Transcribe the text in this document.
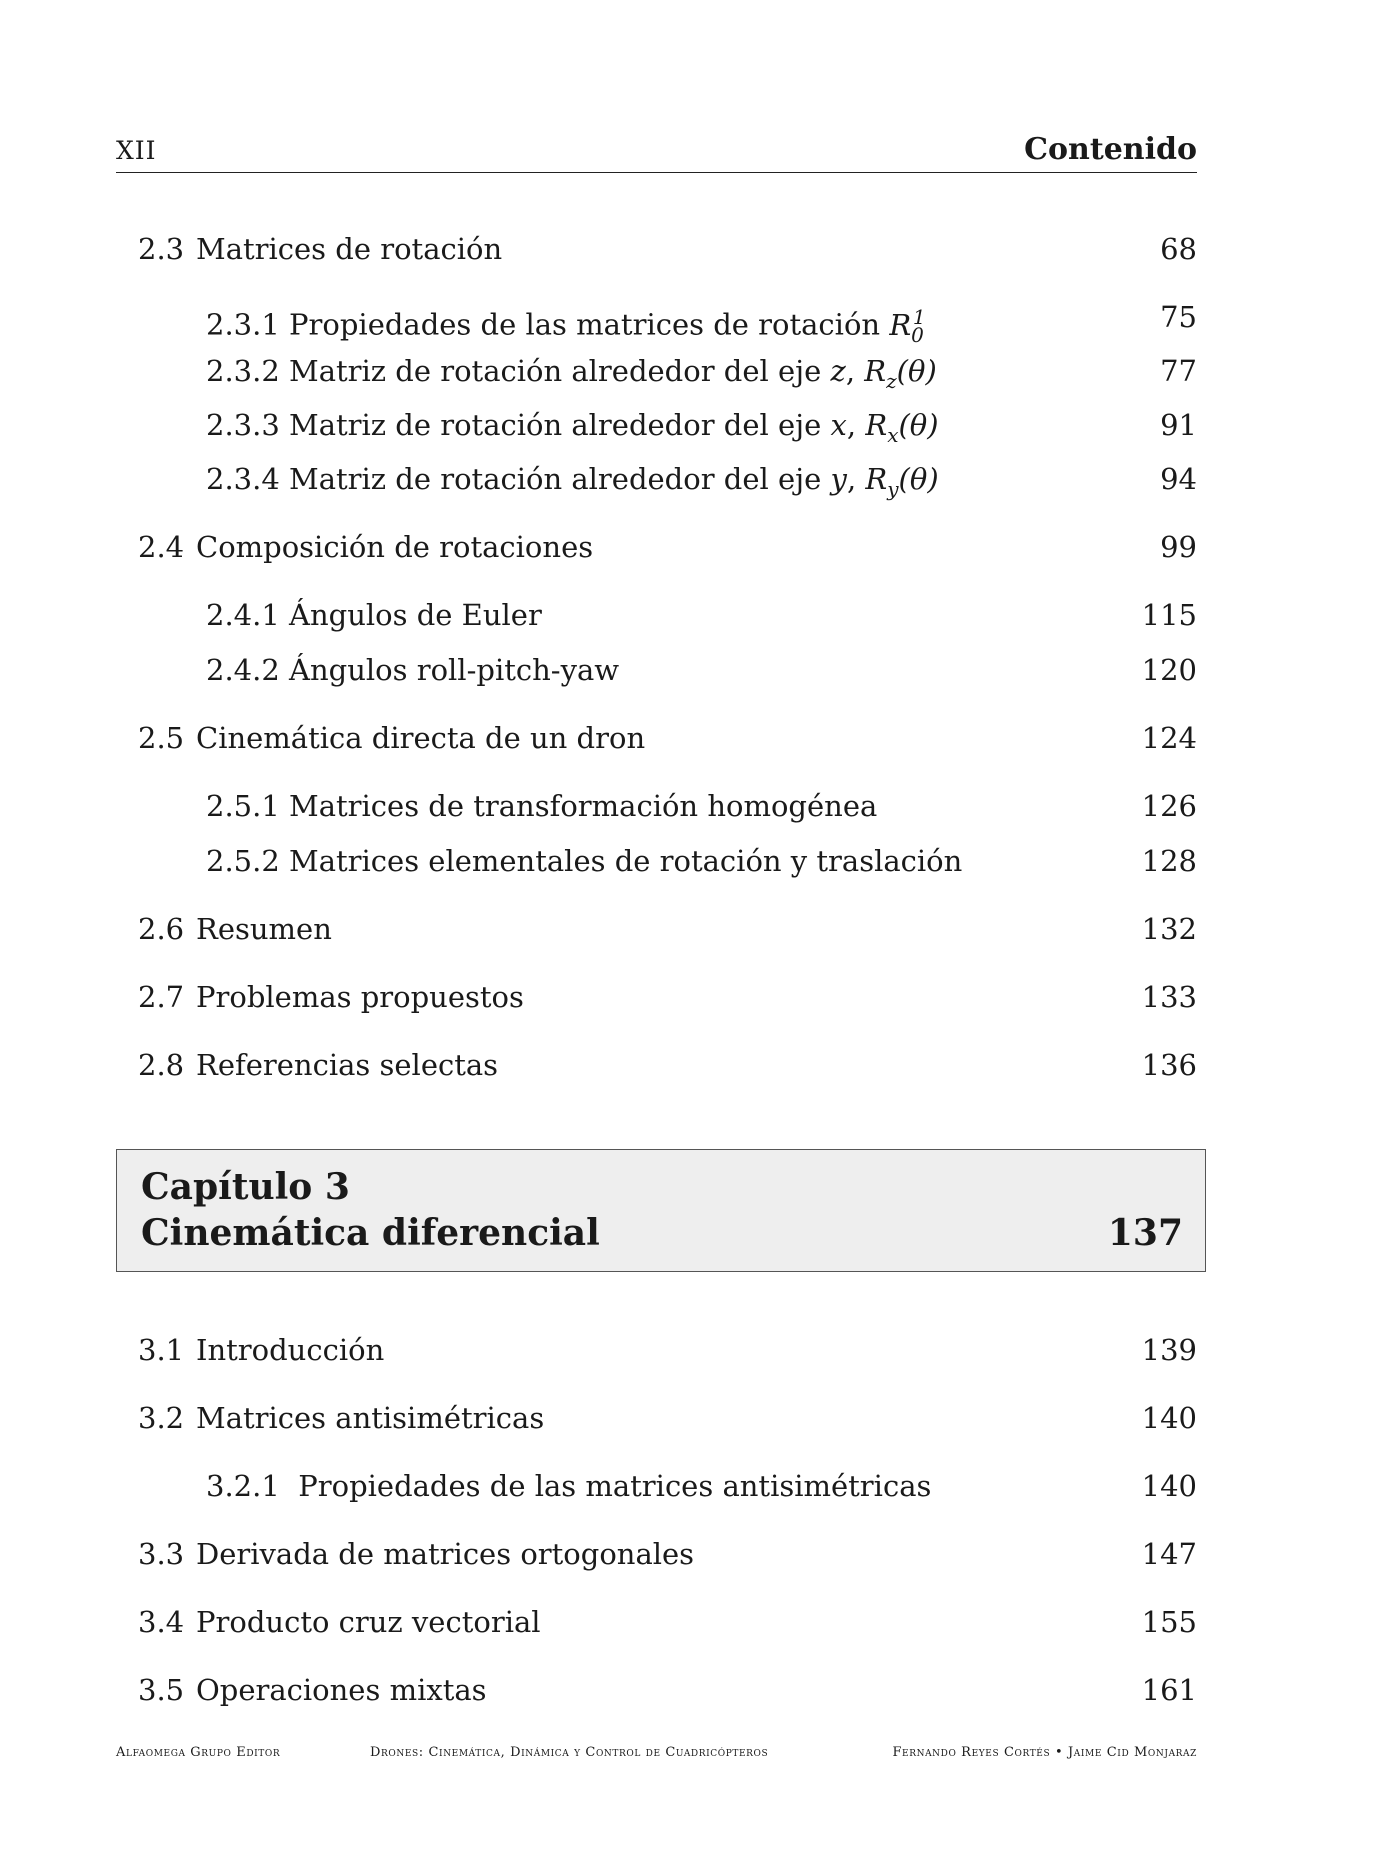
XII	Contenido
2.3 Matrices de rotación	68
2.3.1 Propiedades de las matrices de rotación $R_0^1$	75
2.3.2 Matriz de rotación alrededor del eje z, $R_z(\theta)$	77
2.3.3 Matriz de rotación alrededor del eje x, $R_x(\theta)$	91
2.3.4 Matriz de rotación alrededor del eje y, $R_y(\theta)$	94
2.4 Composición de rotaciones	99
2.4.1 Ángulos de Euler	115
2.4.2 Ángulos roll-pitch-yaw	120
2.5 Cinemática directa de un dron	124
2.5.1 Matrices de transformación homogénea	126
2.5.2 Matrices elementales de rotación y traslación	128
2.6 Resumen	132
2.7 Problemas propuestos	133
2.8 Referencias selectas	136
Capítulo 3
Cinemática diferencial	137
3.1 Introducción	139
3.2 Matrices antisimétricas	140
3.2.1 Propiedades de las matrices antisimétricas	140
3.3 Derivada de matrices ortogonales	147
3.4 Producto cruz vectorial	155
3.5 Operaciones mixtas	161
Alfaomega Grupo Editor	Drones: Cinemática, Dinámica y Control de Cuadricópteros	Fernando Reyes Cortés • Jaime Cid Monjaraz
